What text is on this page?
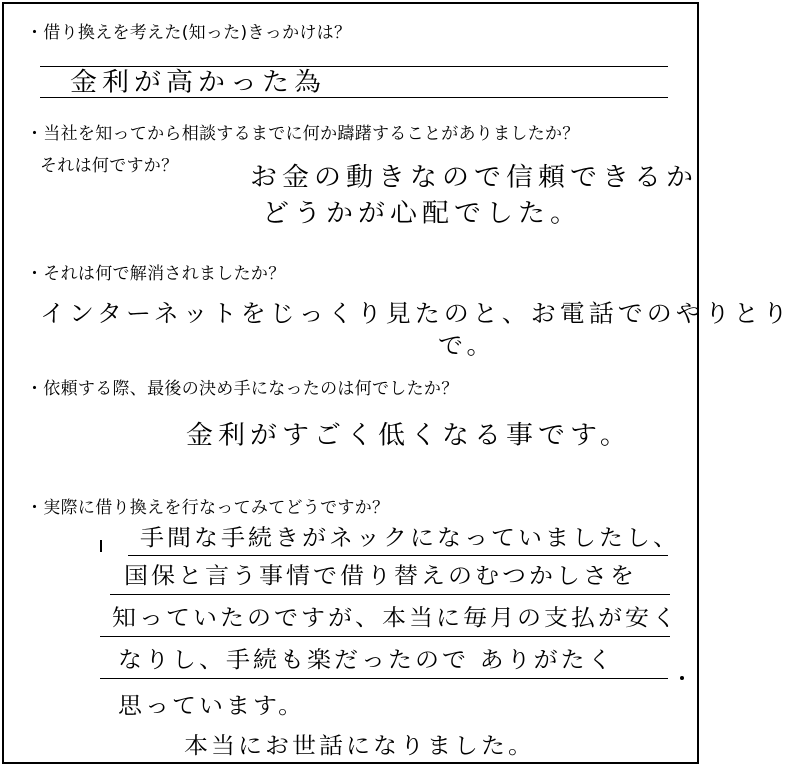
・借り換えを考えた(知った)きっかけは？
金利が高かった為
・当社を知ってから相談するまでに何か躊躇することがありましたか？
それは何ですか？	お金の動きなので信頼できるか
どうかが心配でした。
・それは何で解消されましたか？
インターネットをじっくり見たのと、お電話でのやりとり
で。
・依頼する際、最後の決め手になったのは何でしたか？
金利がすごく低くなる事です。
・実際に借り換えを行なってみてどうですか？
手間な手続きがネックになっていましたし、
国保と言う事情で借り替えのむつかしさを
知っていたのですが、本当に毎月の支払が安く
なりし、手続も楽だったので ありがたく
思っています。
本当にお世話になりました。
